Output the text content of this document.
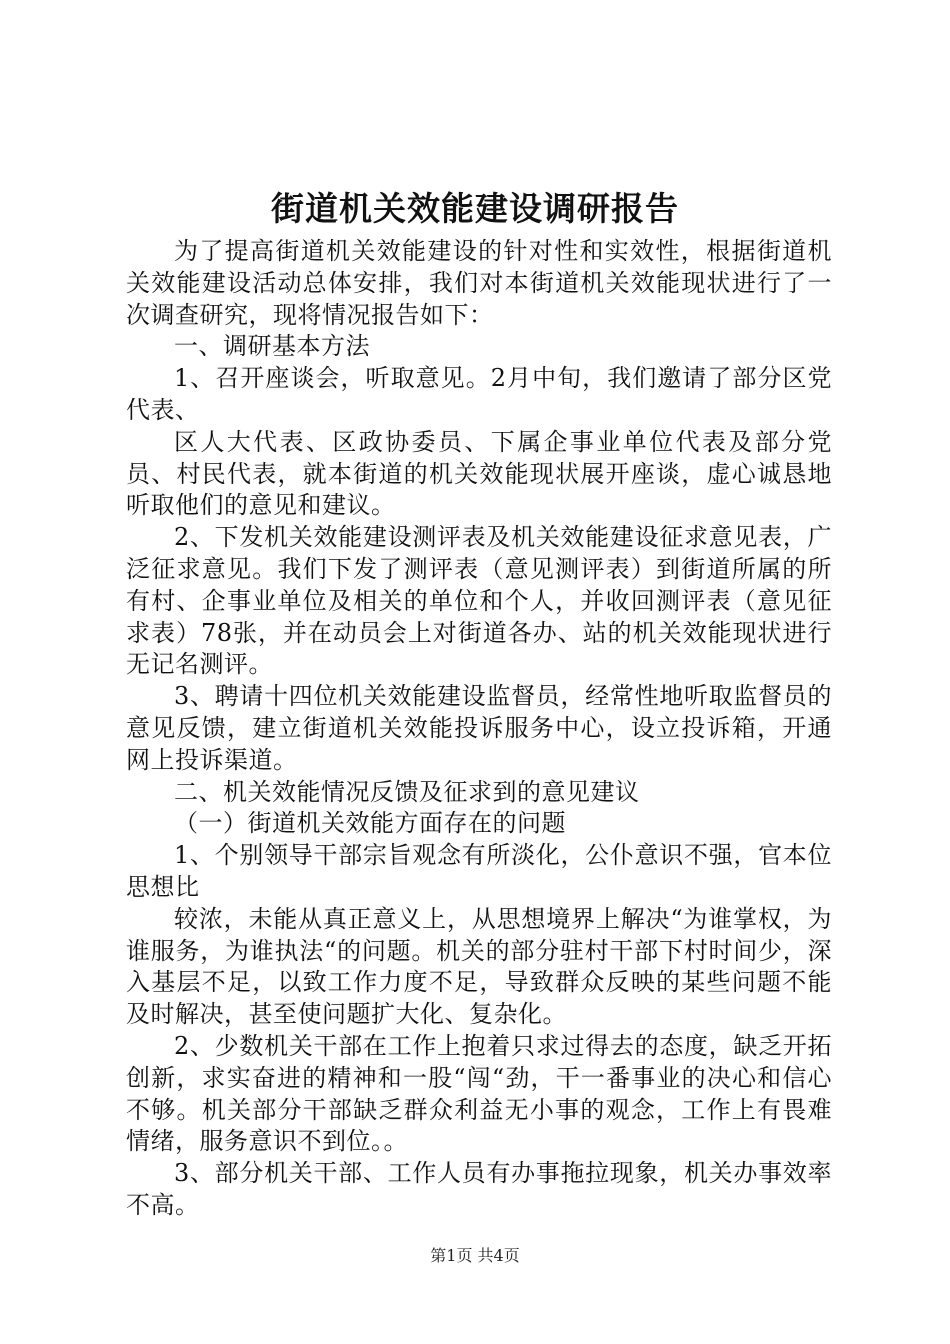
街道机关效能建设调研报告

为了提高街道机关效能建设的针对性和实效性，根据街道机关效能建设活动总体安排，我们对本街道机关效能现状进行了一次调查研究，现将情况报告如下：

一、调研基本方法

1、召开座谈会，听取意见。2月中旬，我们邀请了部分区党代表、

区人大代表、区政协委员、下属企事业单位代表及部分党员、村民代表，就本街道的机关效能现状展开座谈，虚心诚恳地听取他们的意见和建议。

2、下发机关效能建设测评表及机关效能建设征求意见表，广泛征求意见。我们下发了测评表（意见测评表）到街道所属的所有村、企事业单位及相关的单位和个人，并收回测评表（意见征求表）78张，并在动员会上对街道各办、站的机关效能现状进行无记名测评。

3、聘请十四位机关效能建设监督员，经常性地听取监督员的意见反馈，建立街道机关效能投诉服务中心，设立投诉箱，开通网上投诉渠道。

二、机关效能情况反馈及征求到的意见建议

（一）街道机关效能方面存在的问题

1、个别领导干部宗旨观念有所淡化，公仆意识不强，官本位思想比

较浓，未能从真正意义上，从思想境界上解决“为谁掌权，为谁服务，为谁执法“的问题。机关的部分驻村干部下村时间少，深入基层不足，以致工作力度不足，导致群众反映的某些问题不能及时解决，甚至使问题扩大化、复杂化。

2、少数机关干部在工作上抱着只求过得去的态度，缺乏开拓创新，求实奋进的精神和一股“闯“劲，干一番事业的决心和信心不够。机关部分干部缺乏群众利益无小事的观念，工作上有畏难情绪，服务意识不到位。。

3、部分机关干部、工作人员有办事拖拉现象，机关办事效率不高。

第1页 共4页
